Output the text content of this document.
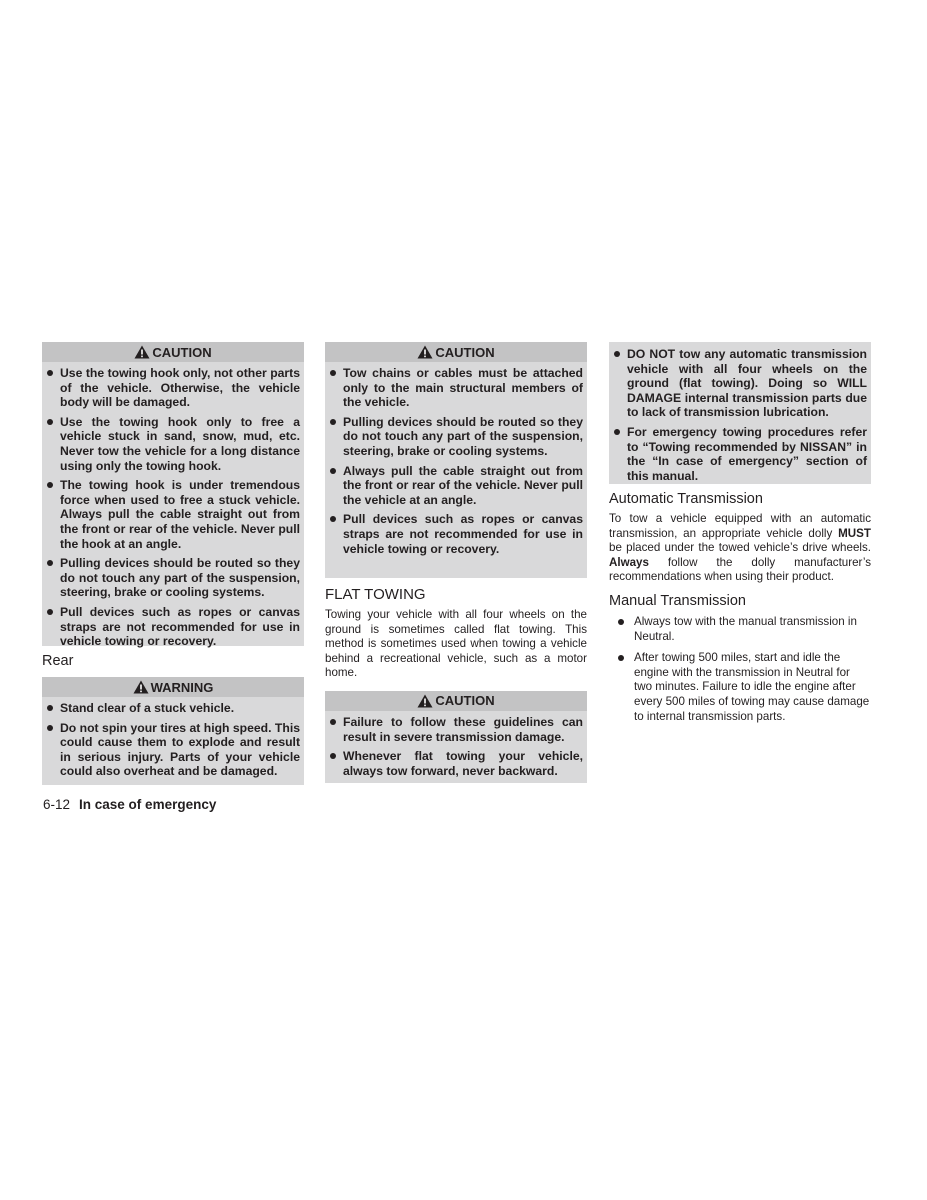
CAUTION
Use the towing hook only, not other parts of the vehicle. Otherwise, the vehicle body will be damaged.
Use the towing hook only to free a vehicle stuck in sand, snow, mud, etc. Never tow the vehicle for a long distance using only the towing hook.
The towing hook is under tremendous force when used to free a stuck vehicle. Always pull the cable straight out from the front or rear of the vehicle. Never pull the hook at an angle.
Pulling devices should be routed so they do not touch any part of the suspension, steering, brake or cooling systems.
Pull devices such as ropes or canvas straps are not recommended for use in vehicle towing or recovery.
Rear
WARNING
Stand clear of a stuck vehicle.
Do not spin your tires at high speed. This could cause them to explode and result in serious injury. Parts of your vehicle could also overheat and be damaged.
CAUTION
Tow chains or cables must be attached only to the main structural members of the vehicle.
Pulling devices should be routed so they do not touch any part of the suspension, steering, brake or cooling systems.
Always pull the cable straight out from the front or rear of the vehicle. Never pull the vehicle at an angle.
Pull devices such as ropes or canvas straps are not recommended for use in vehicle towing or recovery.
FLAT TOWING

Towing your vehicle with all four wheels on the ground is sometimes called flat towing. This method is sometimes used when towing a vehicle behind a recreational vehicle, such as a motor home.

CAUTION
Failure to follow these guidelines can result in severe transmission damage.
Whenever flat towing your vehicle, always tow forward, never backward.
DO NOT tow any automatic transmission vehicle with all four wheels on the ground (flat towing). Doing so WILL DAMAGE internal transmission parts due to lack of transmission lubrication.
For emergency towing procedures refer to “Towing recommended by NISSAN” in the “In case of emergency” section of this manual.
Automatic Transmission

To tow a vehicle equipped with an automatic transmission, an appropriate vehicle dolly MUST be placed under the towed vehicle’s drive wheels. Always follow the dolly manufacturer’s recommendations when using their product.

Manual Transmission
Always tow with the manual transmission in Neutral.
After towing 500 miles, start and idle the engine with the transmission in Neutral for two minutes. Failure to idle the engine after every 500 miles of towing may cause damage to internal transmission parts.
6-12 In case of emergency
